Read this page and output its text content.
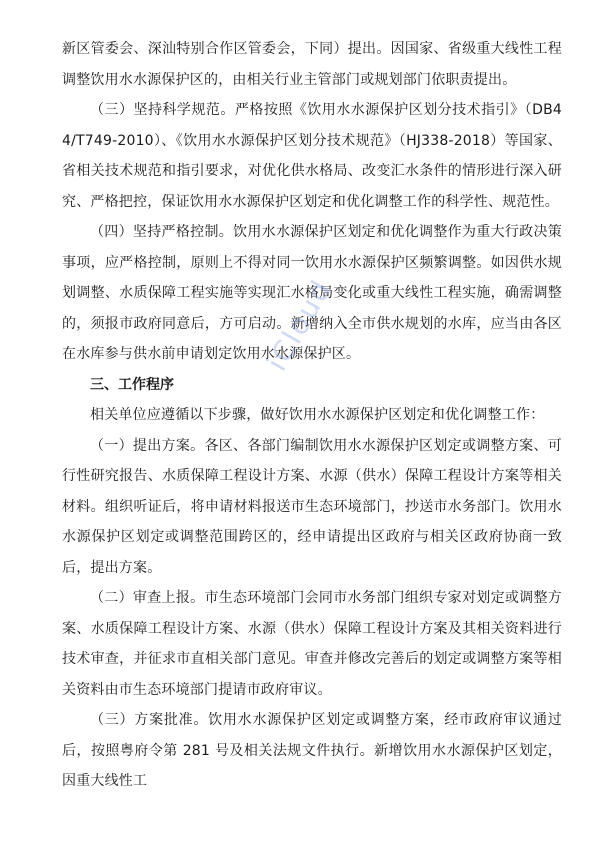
新区管委会、深汕特别合作区管委会，下同）提出。因国家、省级重大线性工程调整饮用水水源保护区的，由相关行业主管部门或规划部门依职责提出。

（三）坚持科学规范。严格按照《饮用水水源保护区划分技术指引》（DB44/T749-2010）、《饮用水水源保护区划分技术规范》（HJ338-2018）等国家、省相关技术规范和指引要求，对优化供水格局、改变汇水条件的情形进行深入研究、严格把控，保证饮用水水源保护区划定和优化调整工作的科学性、规范性。

（四）坚持严格控制。饮用水水源保护区划定和优化调整作为重大行政决策事项，应严格控制，原则上不得对同一饮用水水源保护区频繁调整。如因供水规划调整、水质保障工程实施等实现汇水格局变化或重大线性工程实施，确需调整的，须报市政府同意后，方可启动。新增纳入全市供水规划的水库，应当由各区在水库参与供水前申请划定饮用水水源保护区。

三、工作程序

相关单位应遵循以下步骤，做好饮用水水源保护区划定和优化调整工作：

（一）提出方案。各区、各部门编制饮用水水源保护区划定或调整方案、可行性研究报告、水质保障工程设计方案、水源（供水）保障工程设计方案等相关材料。组织听证后，将申请材料报送市生态环境部门，抄送市水务部门。饮用水水源保护区划定或调整范围跨区的，经申请提出区政府与相关区政府协商一致后，提出方案。

（二）审查上报。市生态环境部门会同市水务部门组织专家对划定或调整方案、水质保障工程设计方案、水源（供水）保障工程设计方案及其相关资料进行技术审查，并征求市直相关部门意见。审查并修改完善后的划定或调整方案等相关资料由市生态环境部门提请市政府审议。

（三）方案批准。饮用水水源保护区划定或调整方案，经市政府审议通过后，按照粤府令第 281 号及相关法规文件执行。新增饮用水水源保护区划定，因重大线性工

iCloud
